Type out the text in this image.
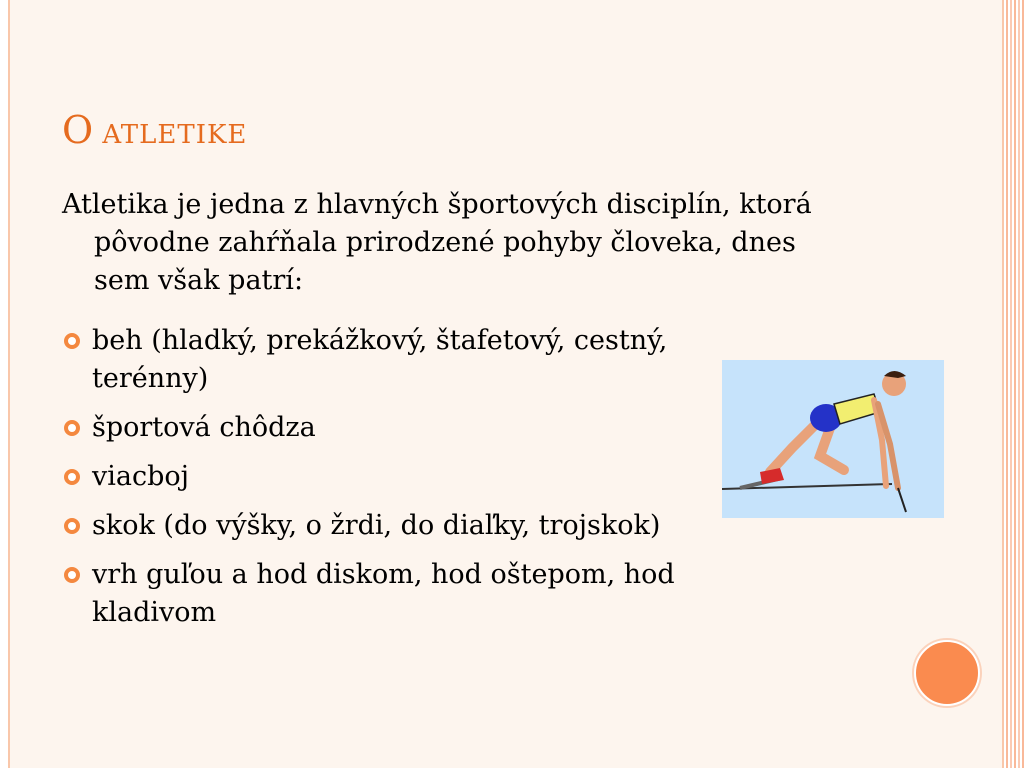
O ATLETIKE
Atletika je jedna z hlavných športových disciplín, ktorá pôvodne zahŕňala prirodzené pohyby človeka, dnes sem však patrí:
beh (hladký, prekážkový, štafetový, cestný, terénny)
športová chôdza
viacboj
skok (do výšky, o žrdi, do diaľky, trojskok)
vrh guľou a hod diskom, hod oštepom, hod kladivom
